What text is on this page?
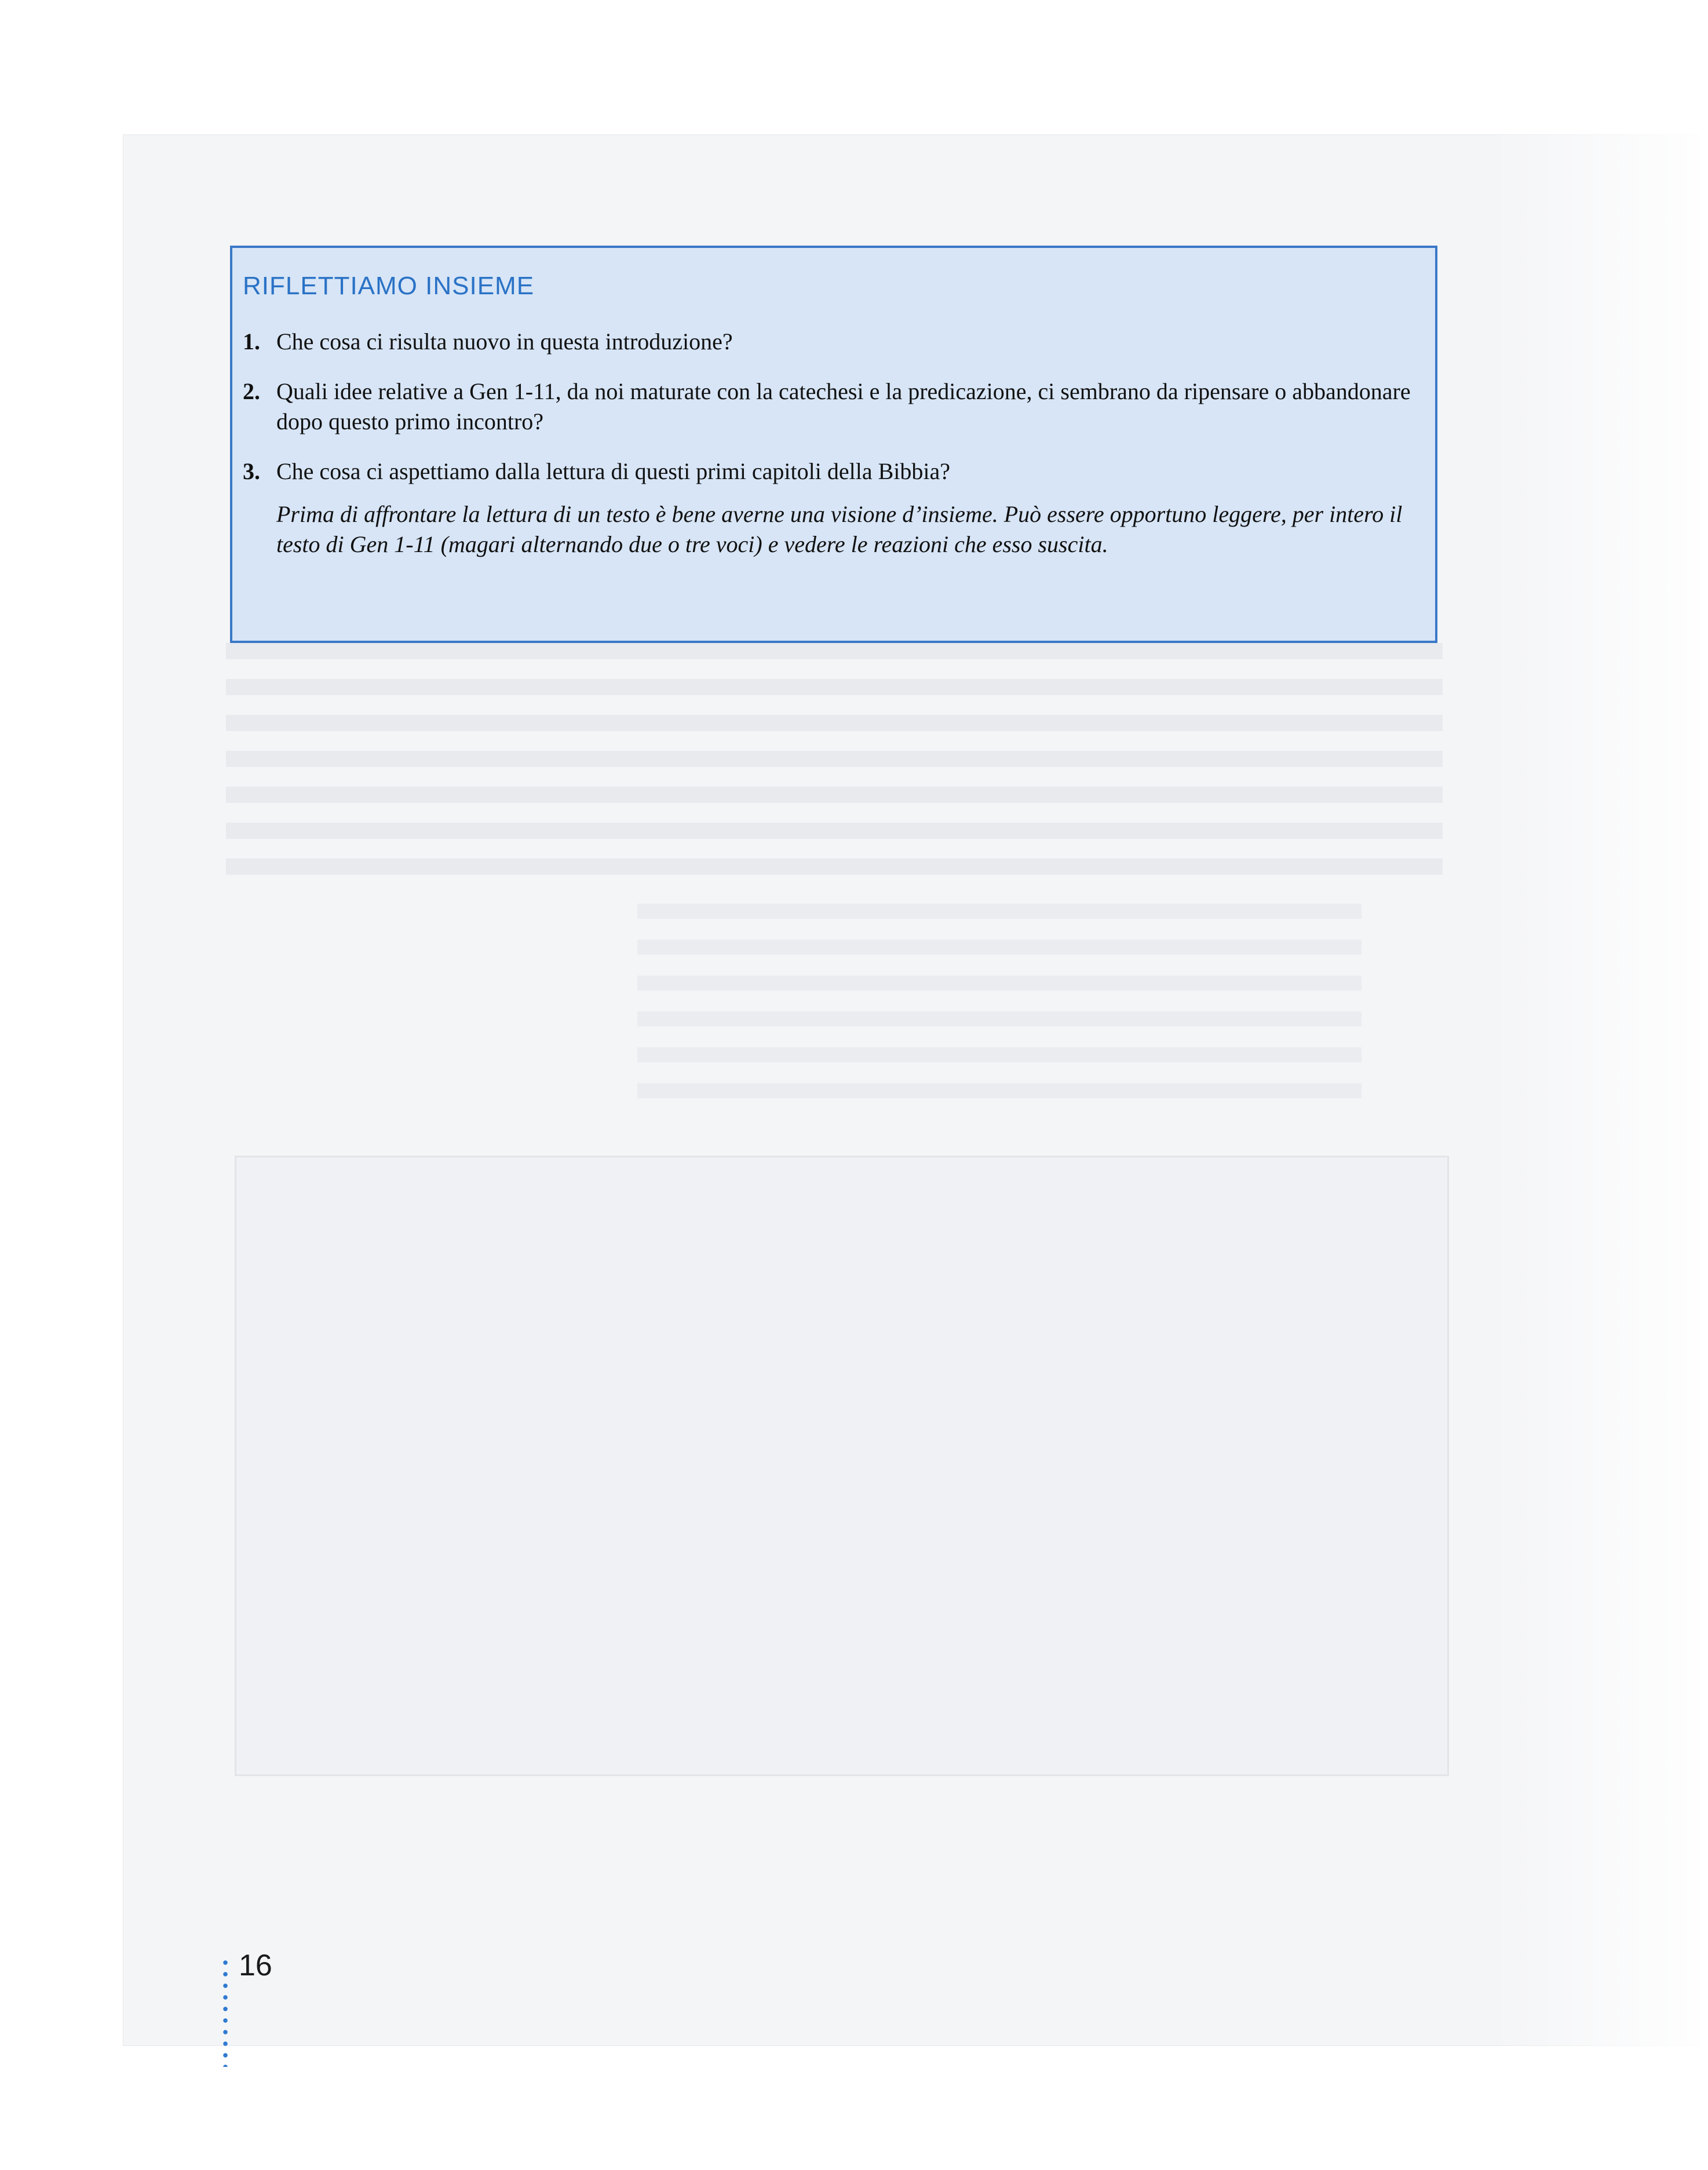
RIFLETTIAMO INSIEME
1. Che cosa ci risulta nuovo in questa introduzione?
2. Quali idee relative a Gen 1-11, da noi maturate con la catechesi e la predicazione, ci sembrano da ripensare o abbandonare dopo questo primo incontro?
3. Che cosa ci aspettiamo dalla lettura di questi primi capitoli della Bibbia?

Prima di affrontare la lettura di un testo è bene averne una visione d’insieme. Può essere opportuno leggere, per intero il testo di Gen 1-11 (magari alternando due o tre voci) e vedere le reazioni che esso suscita.

16
